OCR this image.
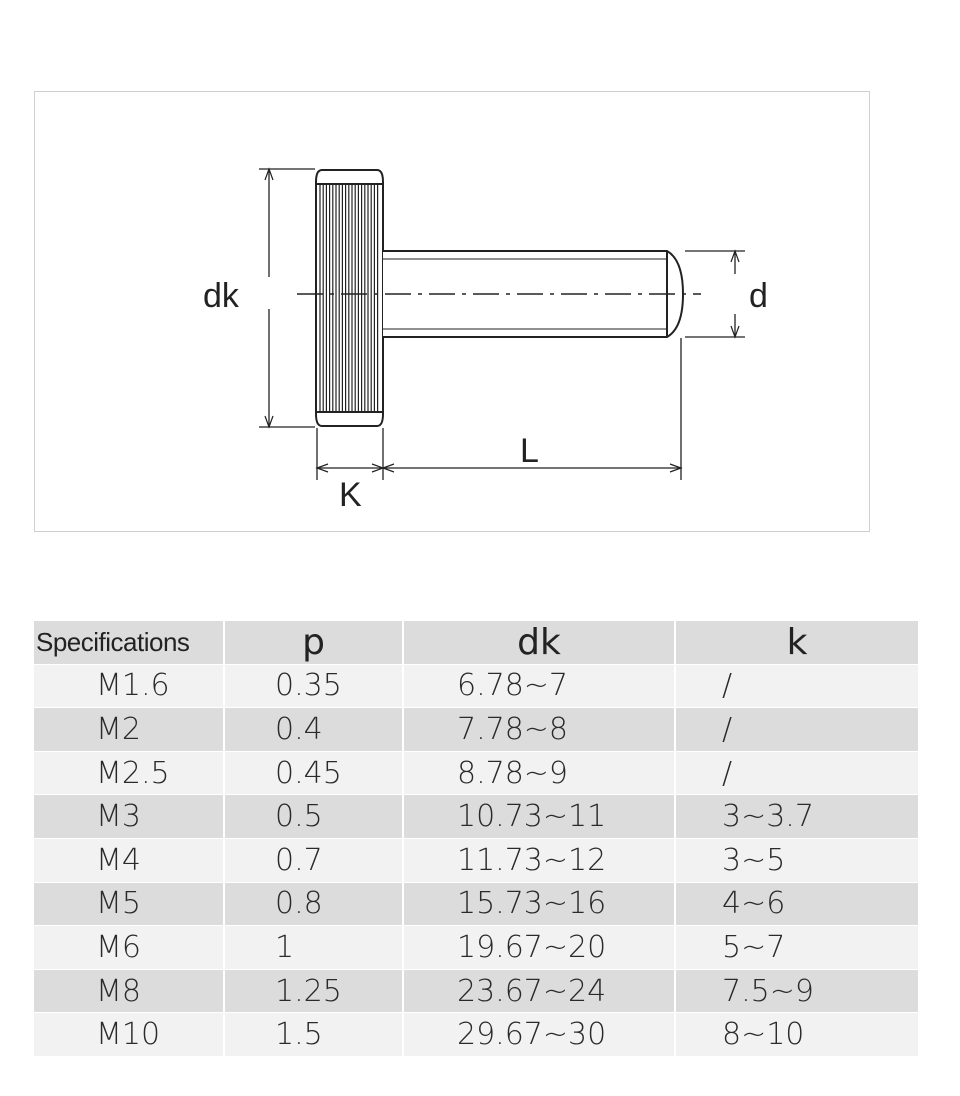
dk	d
L
K
Specifications	p	dk	k
M1.6	0.35	6.78~7	/
M2	0.4	7.78~8	/
M2.5	0.45	8.78~9	/
M3	0.5	10.73~11	3~3.7
M4	0.7	11.73~12	3~5
M5	0.8	15.73~16	4~6
M6	1	19.67~20	5~7
M8	1.25	23.67~24	7.5~9
M10	1.5	29.67~30	8~10
